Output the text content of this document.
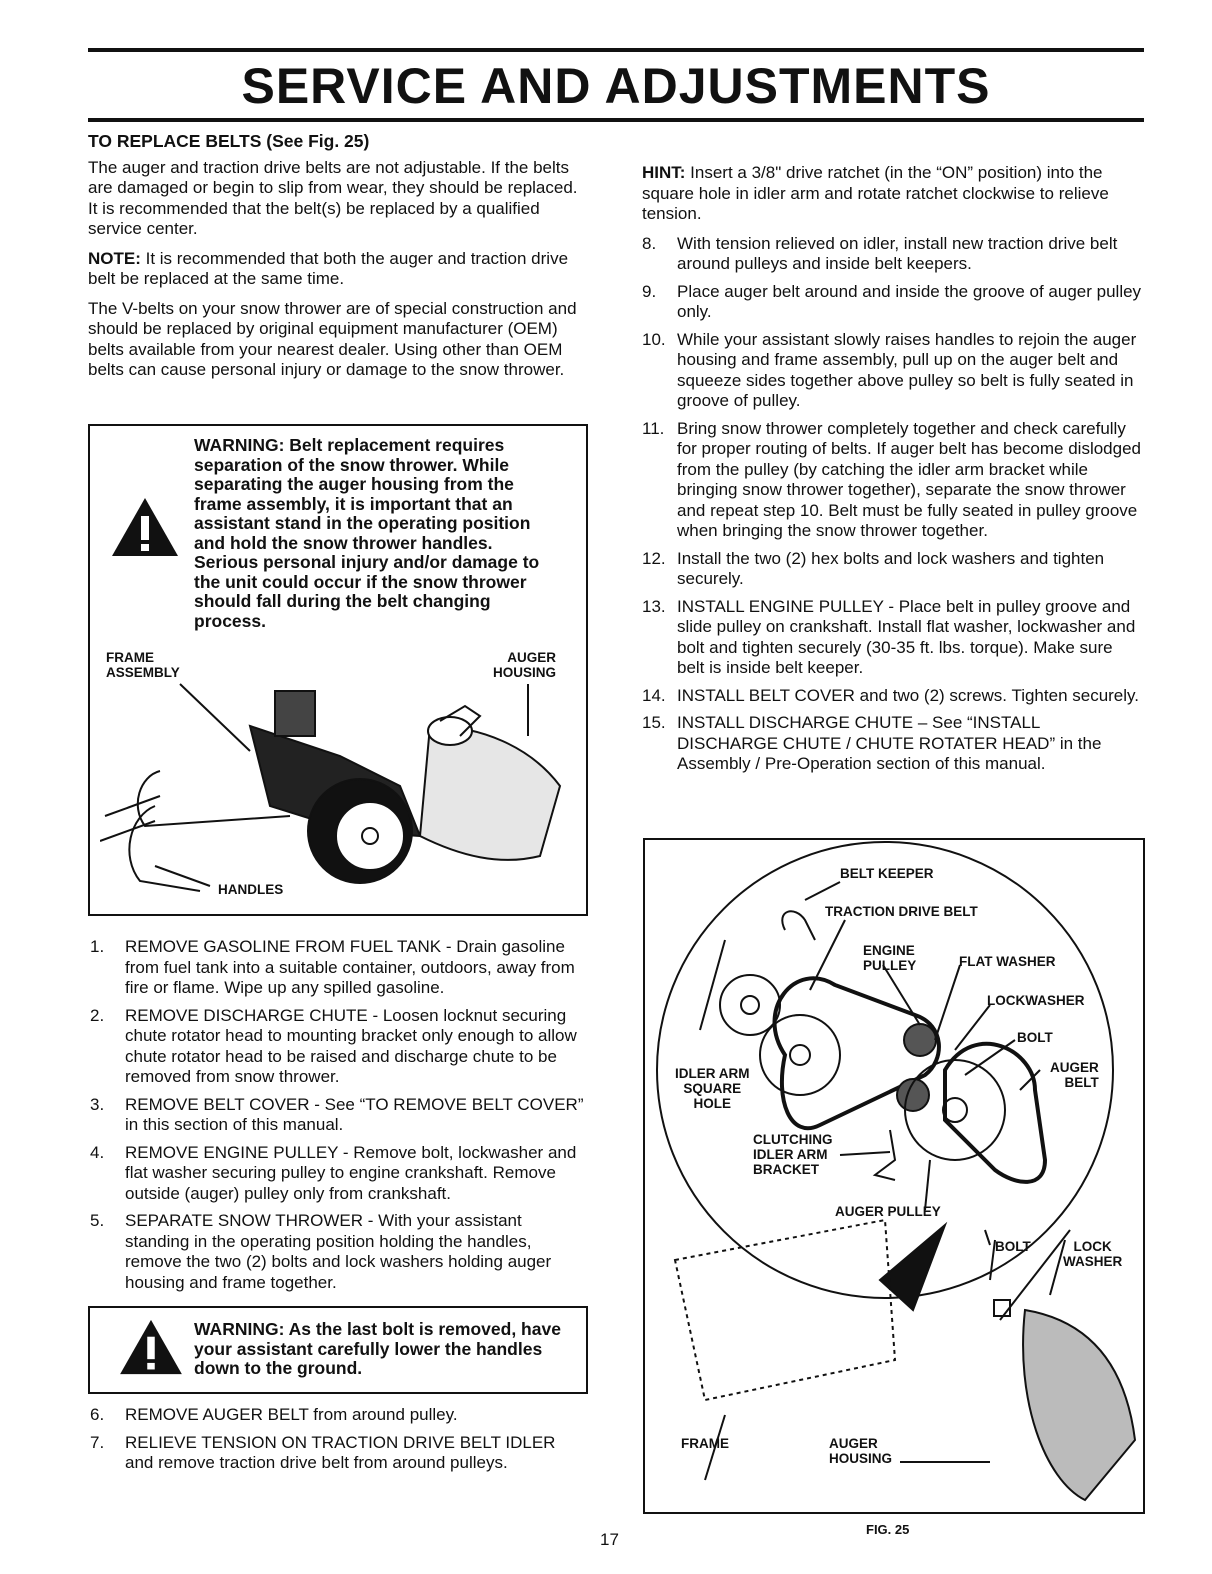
SERVICE AND ADJUSTMENTS

TO REPLACE BELTS (See Fig. 25)

The auger and traction drive belts are not adjustable. If the belts are damaged or begin to slip from wear, they should be replaced. It is recommended that the belt(s) be replaced by a qualified service center.

NOTE: It is recommended that both the auger and traction drive belt be replaced at the same time.

The V-belts on your snow thrower are of special construction and should be replaced by original equipment manufacturer (OEM) belts available from your nearest dealer. Using other than OEM belts can cause personal injury or damage to the snow thrower.

WARNING: Belt replacement requires separation of the snow thrower. While separating the auger housing from the frame assembly, it is important that an assistant stand in the operating position and hold the snow thrower handles. Serious personal injury and/or damage to the unit could occur if the snow thrower should fall during the belt changing process.
FRAME
ASSEMBLY
AUGER
HOUSING
HANDLES
1. REMOVE GASOLINE FROM FUEL TANK - Drain gasoline from fuel tank into a suitable container, outdoors, away from fire or flame. Wipe up any spilled gasoline.
2. REMOVE DISCHARGE CHUTE - Loosen locknut securing chute rotator head to mounting bracket only enough to allow chute rotator head to be raised and discharge chute to be removed from snow thrower.
3. REMOVE BELT COVER - See “TO REMOVE BELT COVER” in this section of this manual.
4. REMOVE ENGINE PULLEY - Remove bolt, lockwasher and flat washer securing pulley to engine crankshaft. Remove outside (auger) pulley only from crankshaft.
5. SEPARATE SNOW THROWER - With your assistant standing in the operating position holding the handles, remove the two (2) bolts and lock washers holding auger housing and frame together.
WARNING: As the last bolt is removed, have your assistant carefully lower the handles down to the ground.
6. REMOVE AUGER BELT from around pulley.
7. RELIEVE TENSION ON TRACTION DRIVE BELT IDLER and remove traction drive belt from around pulleys.

HINT: Insert a 3/8" drive ratchet (in the “ON” position) into the square hole in idler arm and rotate ratchet clockwise to relieve tension.

8. With tension relieved on idler, install new traction drive belt around pulleys and inside belt keepers.
9. Place auger belt around and inside the groove of auger pulley only.
10. While your assistant slowly raises handles to rejoin the auger housing and frame assembly, pull up on the auger belt and squeeze sides together above pulley so belt is fully seated in groove of pulley.
11. Bring snow thrower completely together and check carefully for proper routing of belts. If auger belt has become dislodged from the pulley (by catching the idler arm bracket while bringing snow thrower together), separate the snow thrower and repeat step 10. Belt must be fully seated in pulley groove when bringing the snow thrower together.
12. Install the two (2) hex bolts and lock washers and tighten securely.
13. INSTALL ENGINE PULLEY - Place belt in pulley groove and slide pulley on crankshaft. Install flat washer, lockwasher and bolt and tighten securely (30-35 ft. lbs. torque). Make sure belt is inside belt keeper.
14. INSTALL BELT COVER and two (2) screws. Tighten securely.
15. INSTALL DISCHARGE CHUTE – See “INSTALL DISCHARGE CHUTE / CHUTE ROTATER HEAD” in the Assembly / Pre-Operation section of this manual.
BELT KEEPER
TRACTION DRIVE BELT
ENGINE
PULLEY	FLAT WASHER
LOCKWASHER
BOLT
AUGER
BELT
IDLER ARM
SQUARE
HOLE
CLUTCHING
IDLER ARM
BRACKET
AUGER PULLEY
BOLT	LOCK
WASHER
FRAME	AUGER
HOUSING
17
FIG. 25
